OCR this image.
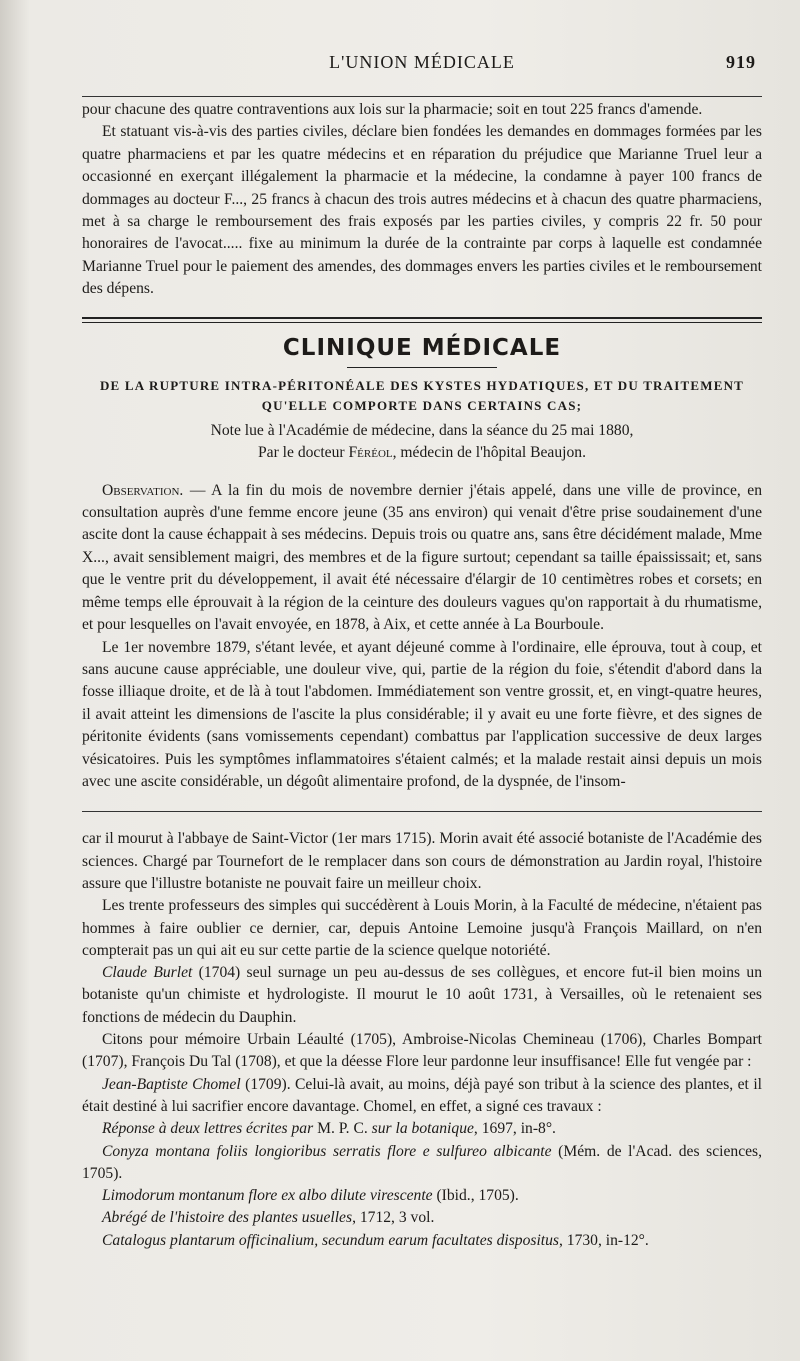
L'UNION MÉDICALE	919

pour chacune des quatre contraventions aux lois sur la pharmacie; soit en tout 225 francs d'amende.

Et statuant vis-à-vis des parties civiles, déclare bien fondées les demandes en dommages formées par les quatre pharmaciens et par les quatre médecins et en réparation du préjudice que Marianne Truel leur a occasionné en exerçant illégalement la pharmacie et la médecine, la condamne à payer 100 francs de dommages au docteur F..., 25 francs à chacun des trois autres médecins et à chacun des quatre pharmaciens, met à sa charge le remboursement des frais exposés par les parties civiles, y compris 22 fr. 50 pour honoraires de l'avocat..... fixe au minimum la durée de la contrainte par corps à laquelle est condamnée Marianne Truel pour le paiement des amendes, des dommages envers les parties civiles et le remboursement des dépens.

CLINIQUE MÉDICALE
DE LA RUPTURE INTRA-PÉRITONÉALE DES KYSTES HYDATIQUES, ET DU TRAITEMENT
QU'ELLE COMPORTE DANS CERTAINS CAS;
Note lue à l'Académie de médecine, dans la séance du 25 mai 1880,
Par le docteur Féréol, médecin de l'hôpital Beaujon.

Observation. — A la fin du mois de novembre dernier j'étais appelé, dans une ville de province, en consultation auprès d'une femme encore jeune (35 ans environ) qui venait d'être prise soudainement d'une ascite dont la cause échappait à ses médecins. Depuis trois ou quatre ans, sans être décidément malade, Mme X..., avait sensiblement maigri, des membres et de la figure surtout; cependant sa taille épaississait; et, sans que le ventre prit du développement, il avait été nécessaire d'élargir de 10 centimètres robes et corsets; en même temps elle éprouvait à la région de la ceinture des douleurs vagues qu'on rapportait à du rhumatisme, et pour lesquelles on l'avait envoyée, en 1878, à Aix, et cette année à La Bourboule.

Le 1er novembre 1879, s'étant levée, et ayant déjeuné comme à l'ordinaire, elle éprouva, tout à coup, et sans aucune cause appréciable, une douleur vive, qui, partie de la région du foie, s'étendit d'abord dans la fosse illiaque droite, et de là à tout l'abdomen. Immédiatement son ventre grossit, et, en vingt-quatre heures, il avait atteint les dimensions de l'ascite la plus considérable; il y avait eu une forte fièvre, et des signes de péritonite évidents (sans vomissements cependant) combattus par l'application successive de deux larges vésicatoires. Puis les symptômes inflammatoires s'étaient calmés; et la malade restait ainsi depuis un mois avec une ascite considérable, un dégoût alimentaire profond, de la dyspnée, de l'insom-

car il mourut à l'abbaye de Saint-Victor (1er mars 1715). Morin avait été associé botaniste de l'Académie des sciences. Chargé par Tournefort de le remplacer dans son cours de démonstration au Jardin royal, l'histoire assure que l'illustre botaniste ne pouvait faire un meilleur choix.

Les trente professeurs des simples qui succédèrent à Louis Morin, à la Faculté de médecine, n'étaient pas hommes à faire oublier ce dernier, car, depuis Antoine Lemoine jusqu'à François Maillard, on n'en compterait pas un qui ait eu sur cette partie de la science quelque notoriété.

Claude Burlet (1704) seul surnage un peu au-dessus de ses collègues, et encore fut-il bien moins un botaniste qu'un chimiste et hydrologiste. Il mourut le 10 août 1731, à Versailles, où le retenaient ses fonctions de médecin du Dauphin.

Citons pour mémoire Urbain Léaulté (1705), Ambroise-Nicolas Chemineau (1706), Charles Bompart (1707), François Du Tal (1708), et que la déesse Flore leur pardonne leur insuffisance! Elle fut vengée par :

Jean-Baptiste Chomel (1709). Celui-là avait, au moins, déjà payé son tribut à la science des plantes, et il était destiné à lui sacrifier encore davantage. Chomel, en effet, a signé ces travaux :

Réponse à deux lettres écrites par M. P. C. sur la botanique, 1697, in-8°.

Conyza montana foliis longioribus serratis flore e sulfureo albicante (Mém. de l'Acad. des sciences, 1705).

Limodorum montanum flore ex albo dilute virescente (Ibid., 1705).

Abrégé de l'histoire des plantes usuelles, 1712, 3 vol.

Catalogus plantarum officinalium, secundum earum facultates dispositus, 1730, in-12°.
